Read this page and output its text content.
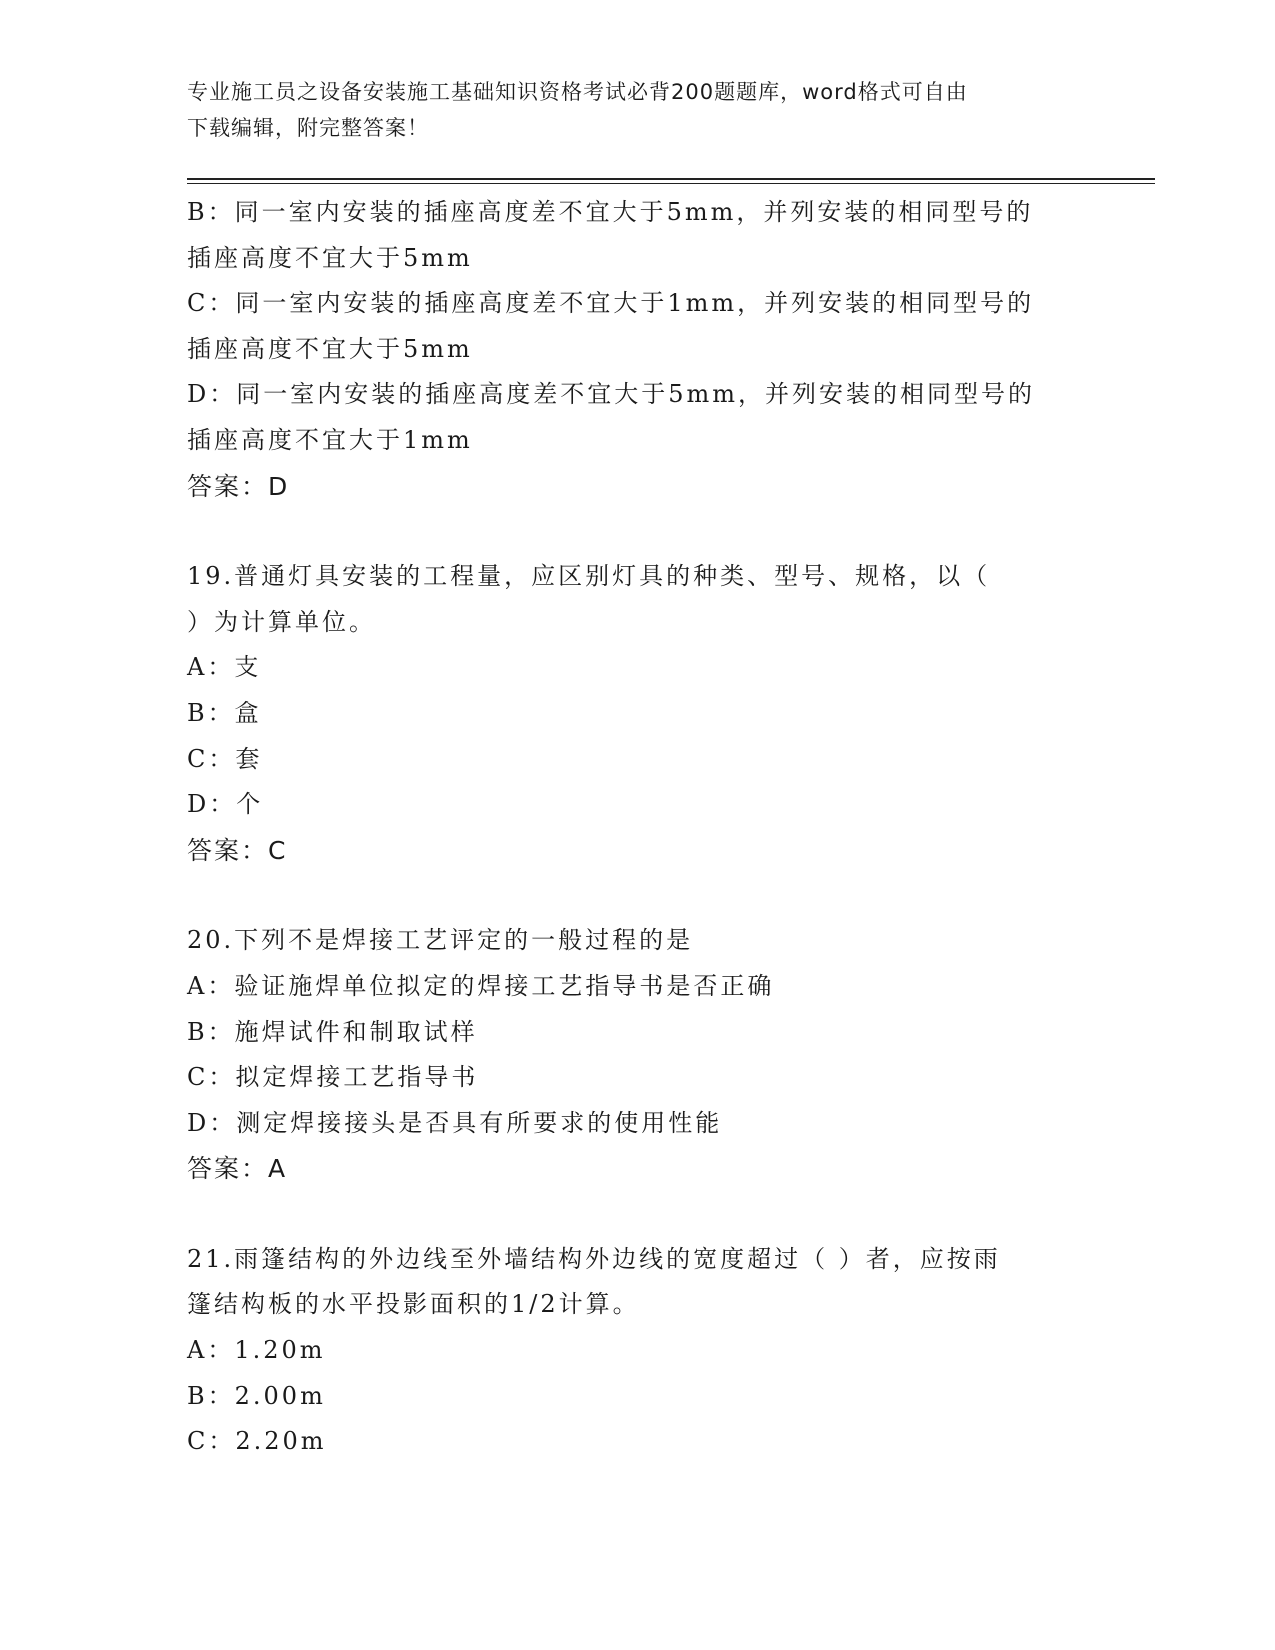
专业施工员之设备安装施工基础知识资格考试必背200题题库，word格式可自由
下载编辑，附完整答案！
B：同一室内安装的插座高度差不宜大于5mm，并列安装的相同型号的
插座高度不宜大于5mm
C：同一室内安装的插座高度差不宜大于1mm，并列安装的相同型号的
插座高度不宜大于5mm
D：同一室内安装的插座高度差不宜大于5mm，并列安装的相同型号的
插座高度不宜大于1mm
答案：D
19.普通灯具安装的工程量，应区别灯具的种类、型号、规格，以（
）为计算单位。
A：支
B：盒
C：套
D：个
答案：C
20.下列不是焊接工艺评定的一般过程的是
A：验证施焊单位拟定的焊接工艺指导书是否正确
B：施焊试件和制取试样
C：拟定焊接工艺指导书
D：测定焊接接头是否具有所要求的使用性能
答案：A
21.雨篷结构的外边线至外墙结构外边线的宽度超过（ ）者，应按雨
篷结构板的水平投影面积的1/2计算。
A：1.20m
B：2.00m
C：2.20m
